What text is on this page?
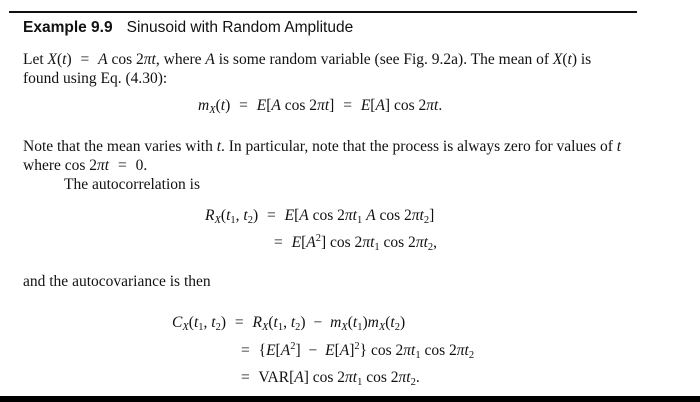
Example 9.9 Sinusoid with Random Amplitude
Let X(t) = A cos 2πt, where A is some random variable (see Fig. 9.2a). The mean of X(t) is
found using Eq. (4.30):
$m_X(t) = E[A$ cos 2πt] = E[A] cos 2πt.
Note that the mean varies with t. In particular, note that the process is always zero for values of t
where cos 2πt = 0.
The autocorrelation is
$R_X(t_1$, $t_2) = E[A$ $\cos 2\pi t_1$ A $\cos 2\pi t_2$]
= $E[A^2]$ $\cos 2\pi t_1$ $\cos 2\pi t_2$,
and the autocovariance is then
$C_X(t_1$, $t_2) = R_X(t_1$, $t_2) - m_X(t_1)m_X(t_2)$
= $\{E[A^2] - E[A]^2\}$ $\cos 2\pi t_1$ $\cos 2\pi t_2$
= VAR[A] $\cos 2\pi t_1$ $\cos 2\pi t_2$.
